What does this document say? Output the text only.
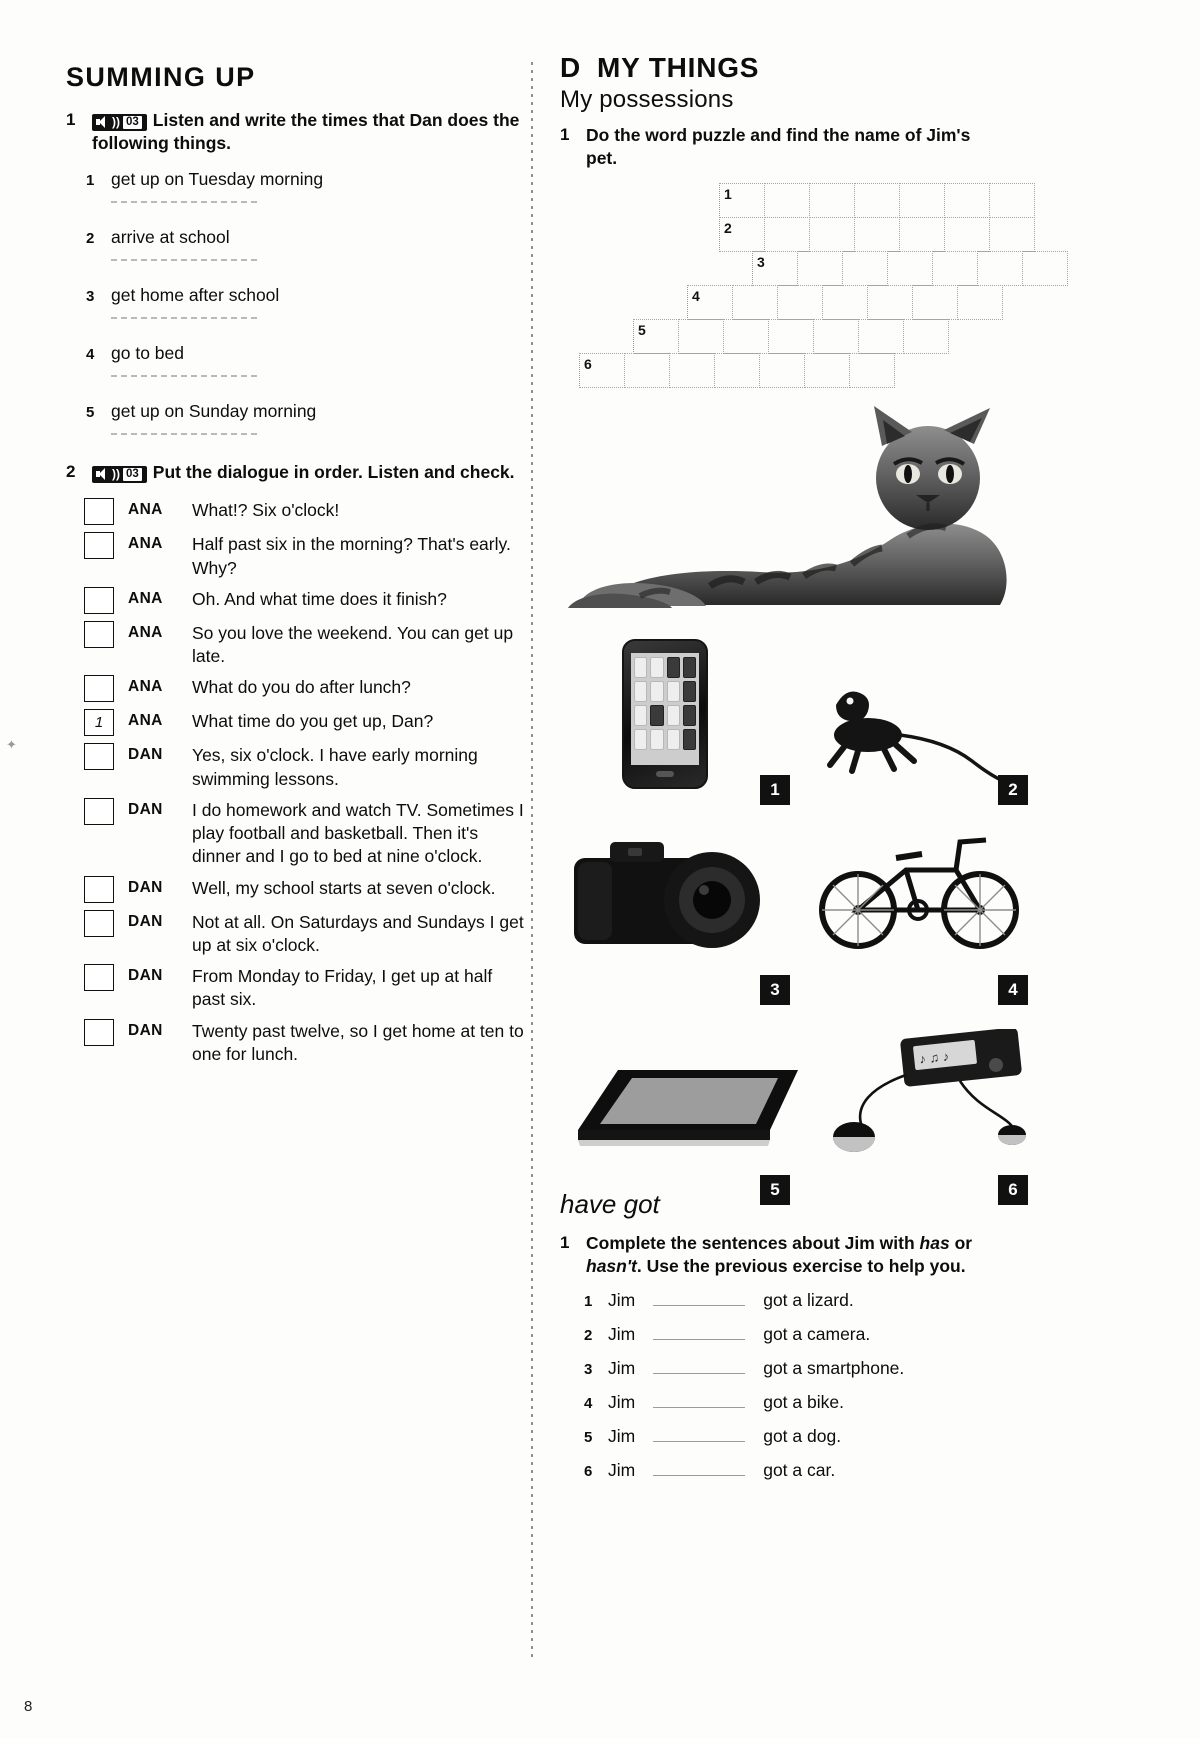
✦
SUMMING UP
1	)) 03 Listen and write the times that Dan does the following things.
1 get up on Tuesday morning
2 arrive at school
3 get home after school
4 go to bed
5 get up on Sunday morning
2	)) 03 Put the dialogue in order. Listen and check.
ANA	What!? Six o'clock!
ANA	Half past six in the morning? That's early. Why?
ANA	Oh. And what time does it finish?
ANA	So you love the weekend. You can get up late.
ANA	What do you do after lunch?
1	ANA	What time do you get up, Dan?
DAN	Yes, six o'clock. I have early morning swimming lessons.
DAN	I do homework and watch TV. Sometimes I play football and basketball. Then it's dinner and I go to bed at nine o'clock.
DAN	Well, my school starts at seven o'clock.
DAN	Not at all. On Saturdays and Sundays I get up at six o'clock.
DAN	From Monday to Friday, I get up at half past six.
DAN	Twenty past twelve, so I get home at ten to one for lunch.
D MY THINGS
My possessions
1 Do the word puzzle and find the name of Jim's pet.
1
2
3
4
5
6
1	2
3	4
5
♪ ♫ ♪
6
have got
1 Complete the sentences about Jim with has or hasn't. Use the previous exercise to help you.
1 Jim	got a lizard.
2 Jim	got a camera.
3 Jim	got a smartphone.
4 Jim	got a bike.
5 Jim	got a dog.
6 Jim	got a car.
8
